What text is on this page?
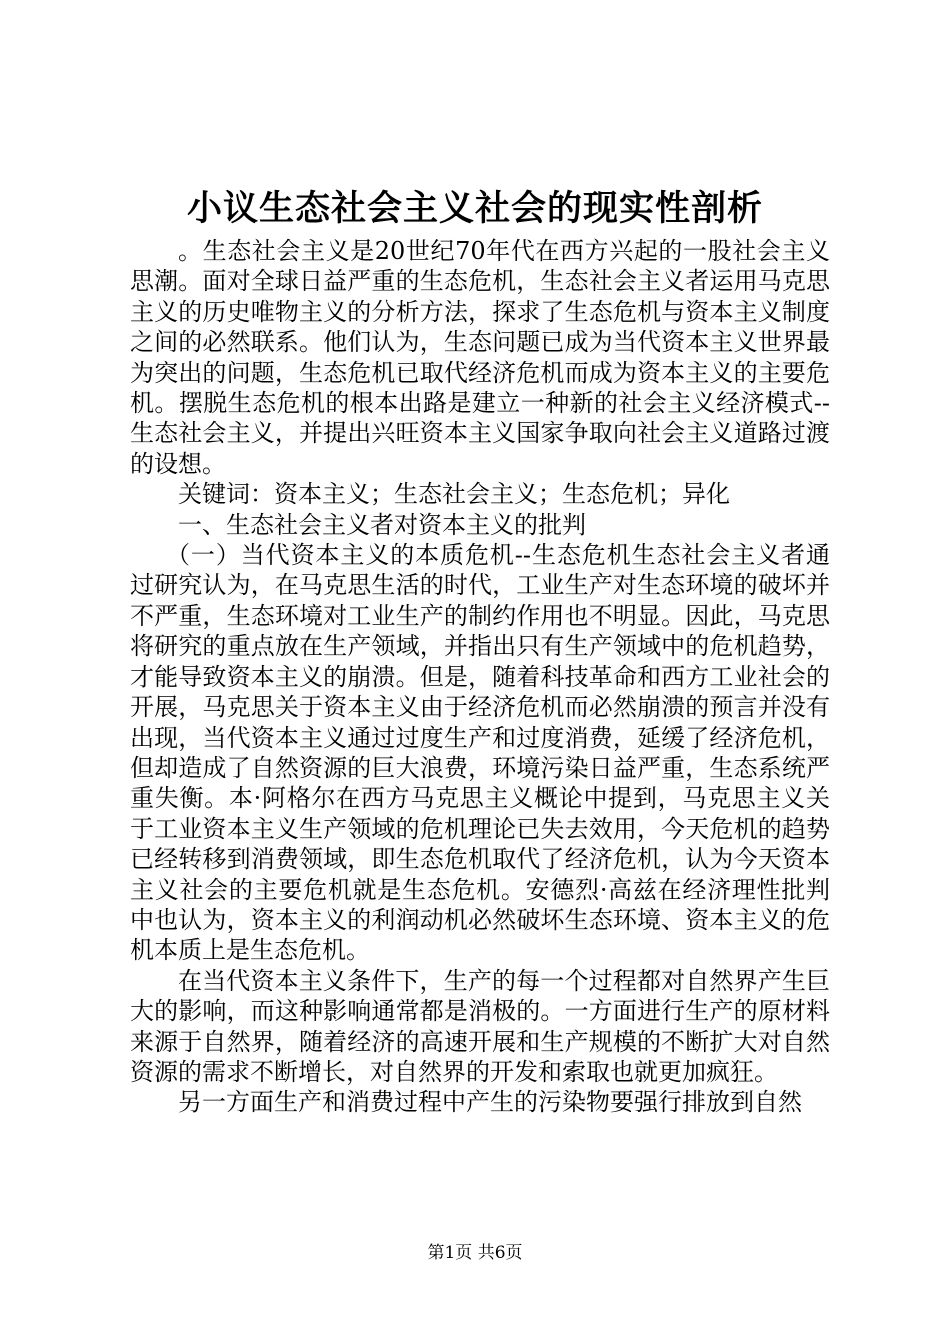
小议生态社会主义社会的现实性剖析

。生态社会主义是20世纪70年代在西方兴起的一股社会主义思潮。面对全球日益严重的生态危机，生态社会主义者运用马克思主义的历史唯物主义的分析方法，探求了生态危机与资本主义制度之间的必然联系。他们认为，生态问题已成为当代资本主义世界最为突出的问题，生态危机已取代经济危机而成为资本主义的主要危机。摆脱生态危机的根本出路是建立一种新的社会主义经济模式--生态社会主义，并提出兴旺资本主义国家争取向社会主义道路过渡的设想。

关键词：资本主义；生态社会主义；生态危机；异化

一、生态社会主义者对资本主义的批判

（一）当代资本主义的本质危机--生态危机生态社会主义者通过研究认为，在马克思生活的时代，工业生产对生态环境的破坏并不严重，生态环境对工业生产的制约作用也不明显。因此，马克思将研究的重点放在生产领域，并指出只有生产领域中的危机趋势，才能导致资本主义的崩溃。但是，随着科技革命和西方工业社会的开展，马克思关于资本主义由于经济危机而必然崩溃的预言并没有出现，当代资本主义通过过度生产和过度消费，延缓了经济危机，但却造成了自然资源的巨大浪费，环境污染日益严重，生态系统严重失衡。本·阿格尔在西方马克思主义概论中提到，马克思主义关于工业资本主义生产领域的危机理论已失去效用，今天危机的趋势已经转移到消费领域，即生态危机取代了经济危机，认为今天资本主义社会的主要危机就是生态危机。安德烈·高兹在经济理性批判中也认为，资本主义的利润动机必然破坏生态环境、资本主义的危机本质上是生态危机。

在当代资本主义条件下，生产的每一个过程都对自然界产生巨大的影响，而这种影响通常都是消极的。一方面进行生产的原材料来源于自然界，随着经济的高速开展和生产规模的不断扩大对自然资源的需求不断增长，对自然界的开发和索取也就更加疯狂。

另一方面生产和消费过程中产生的污染物要强行排放到自然

第1页 共6页
